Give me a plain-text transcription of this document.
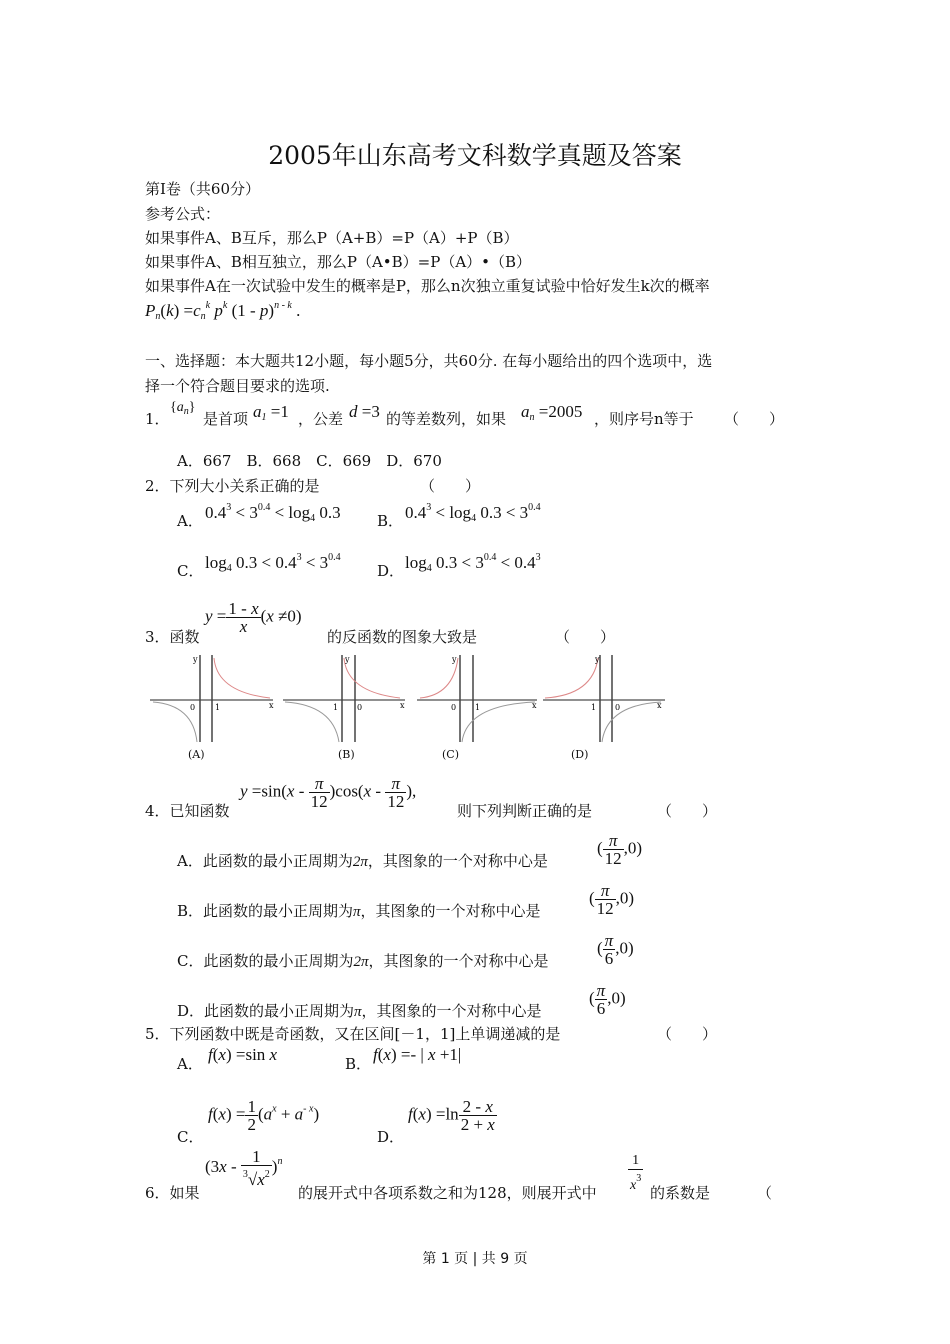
2005年山东高考文科数学真题及答案
第Ⅰ卷（共60分）
参考公式：
如果事件A、B互斥，那么P（A+B）=P（A）+P（B）
如果事件A、B相互独立，那么P（A•B）=P（A）•（B）
如果事件A在一次试验中发生的概率是P，那么n次独立重复试验中恰好发生k次的概率
$P_n(k) =c_n^k$ $p^k$ (1 - p)$^{n - k}$ .
一、选择题：本大题共12小题，每小题5分，共60分. 在每小题给出的四个选项中，选
择一个符合题目要求的选项.
1．
$\{a_n\}$
是首项 $a_1 =1$ ，公差 d =3 的等差数列，如果 $a_n =2005$ ，则序号n等于 （　　）
A．667　B．668　C．669　D．670
2．下列大小关系正确的是	（　　）
A． $0.4^3 < 3^{0.4} < \log_4 0.3$ B． $0.4^3 < \log_4 0.3 < 3^{0.4}$
C． $\log_4 0.3 < 0.4^3 < 3^{0.4}$
D． $\log_4 0.3 < 3^{0.4} < 0.4^3$
3．函数
$y = \frac{1 - x}{x} (x \ne 0)$
的反函数的图象大致是	（　　）
0 1	x
y
1 0	x
y
0 1	x
y
1 0	x
y
(A)	(B)	(C)	(D)
4．已知函数
$y =\sin(x - \frac{\pi}{12} )\cos(x - \frac{\pi}{12}$ ),
则下列判断正确的是	（　　）
A．此函数的最小正周期为2π，其图象的一个对称中心是
( $\frac{\pi}{12} ,0$)
B．此函数的最小正周期为π，其图象的一个对称中心是
( $\frac{\pi}{12} ,0$)
C．此函数的最小正周期为2π，其图象的一个对称中心是
( $\frac{\pi}{6} ,0$)
D．此函数的最小正周期为π，其图象的一个对称中心是
( $\frac{\pi}{6} ,0$)
5．下列函数中既是奇函数，又在区间[－1，1]上单调递减的是	（　　）
A． f(x) =sin x	B． f(x) =- | x +1|
C．
$f(x) = \frac{1}{2} (a^x + a^{- x})$
D．
$f(x) =\ln \frac{2 - x}{2 + x}$
6．如果
$(3x - \frac{1}{^3√x^2} )^n$
的展开式中各项系数之和为128，则展开式中 $\frac{1}{x^3}$ 的系数是	（
第 1 页 | 共 9 页
